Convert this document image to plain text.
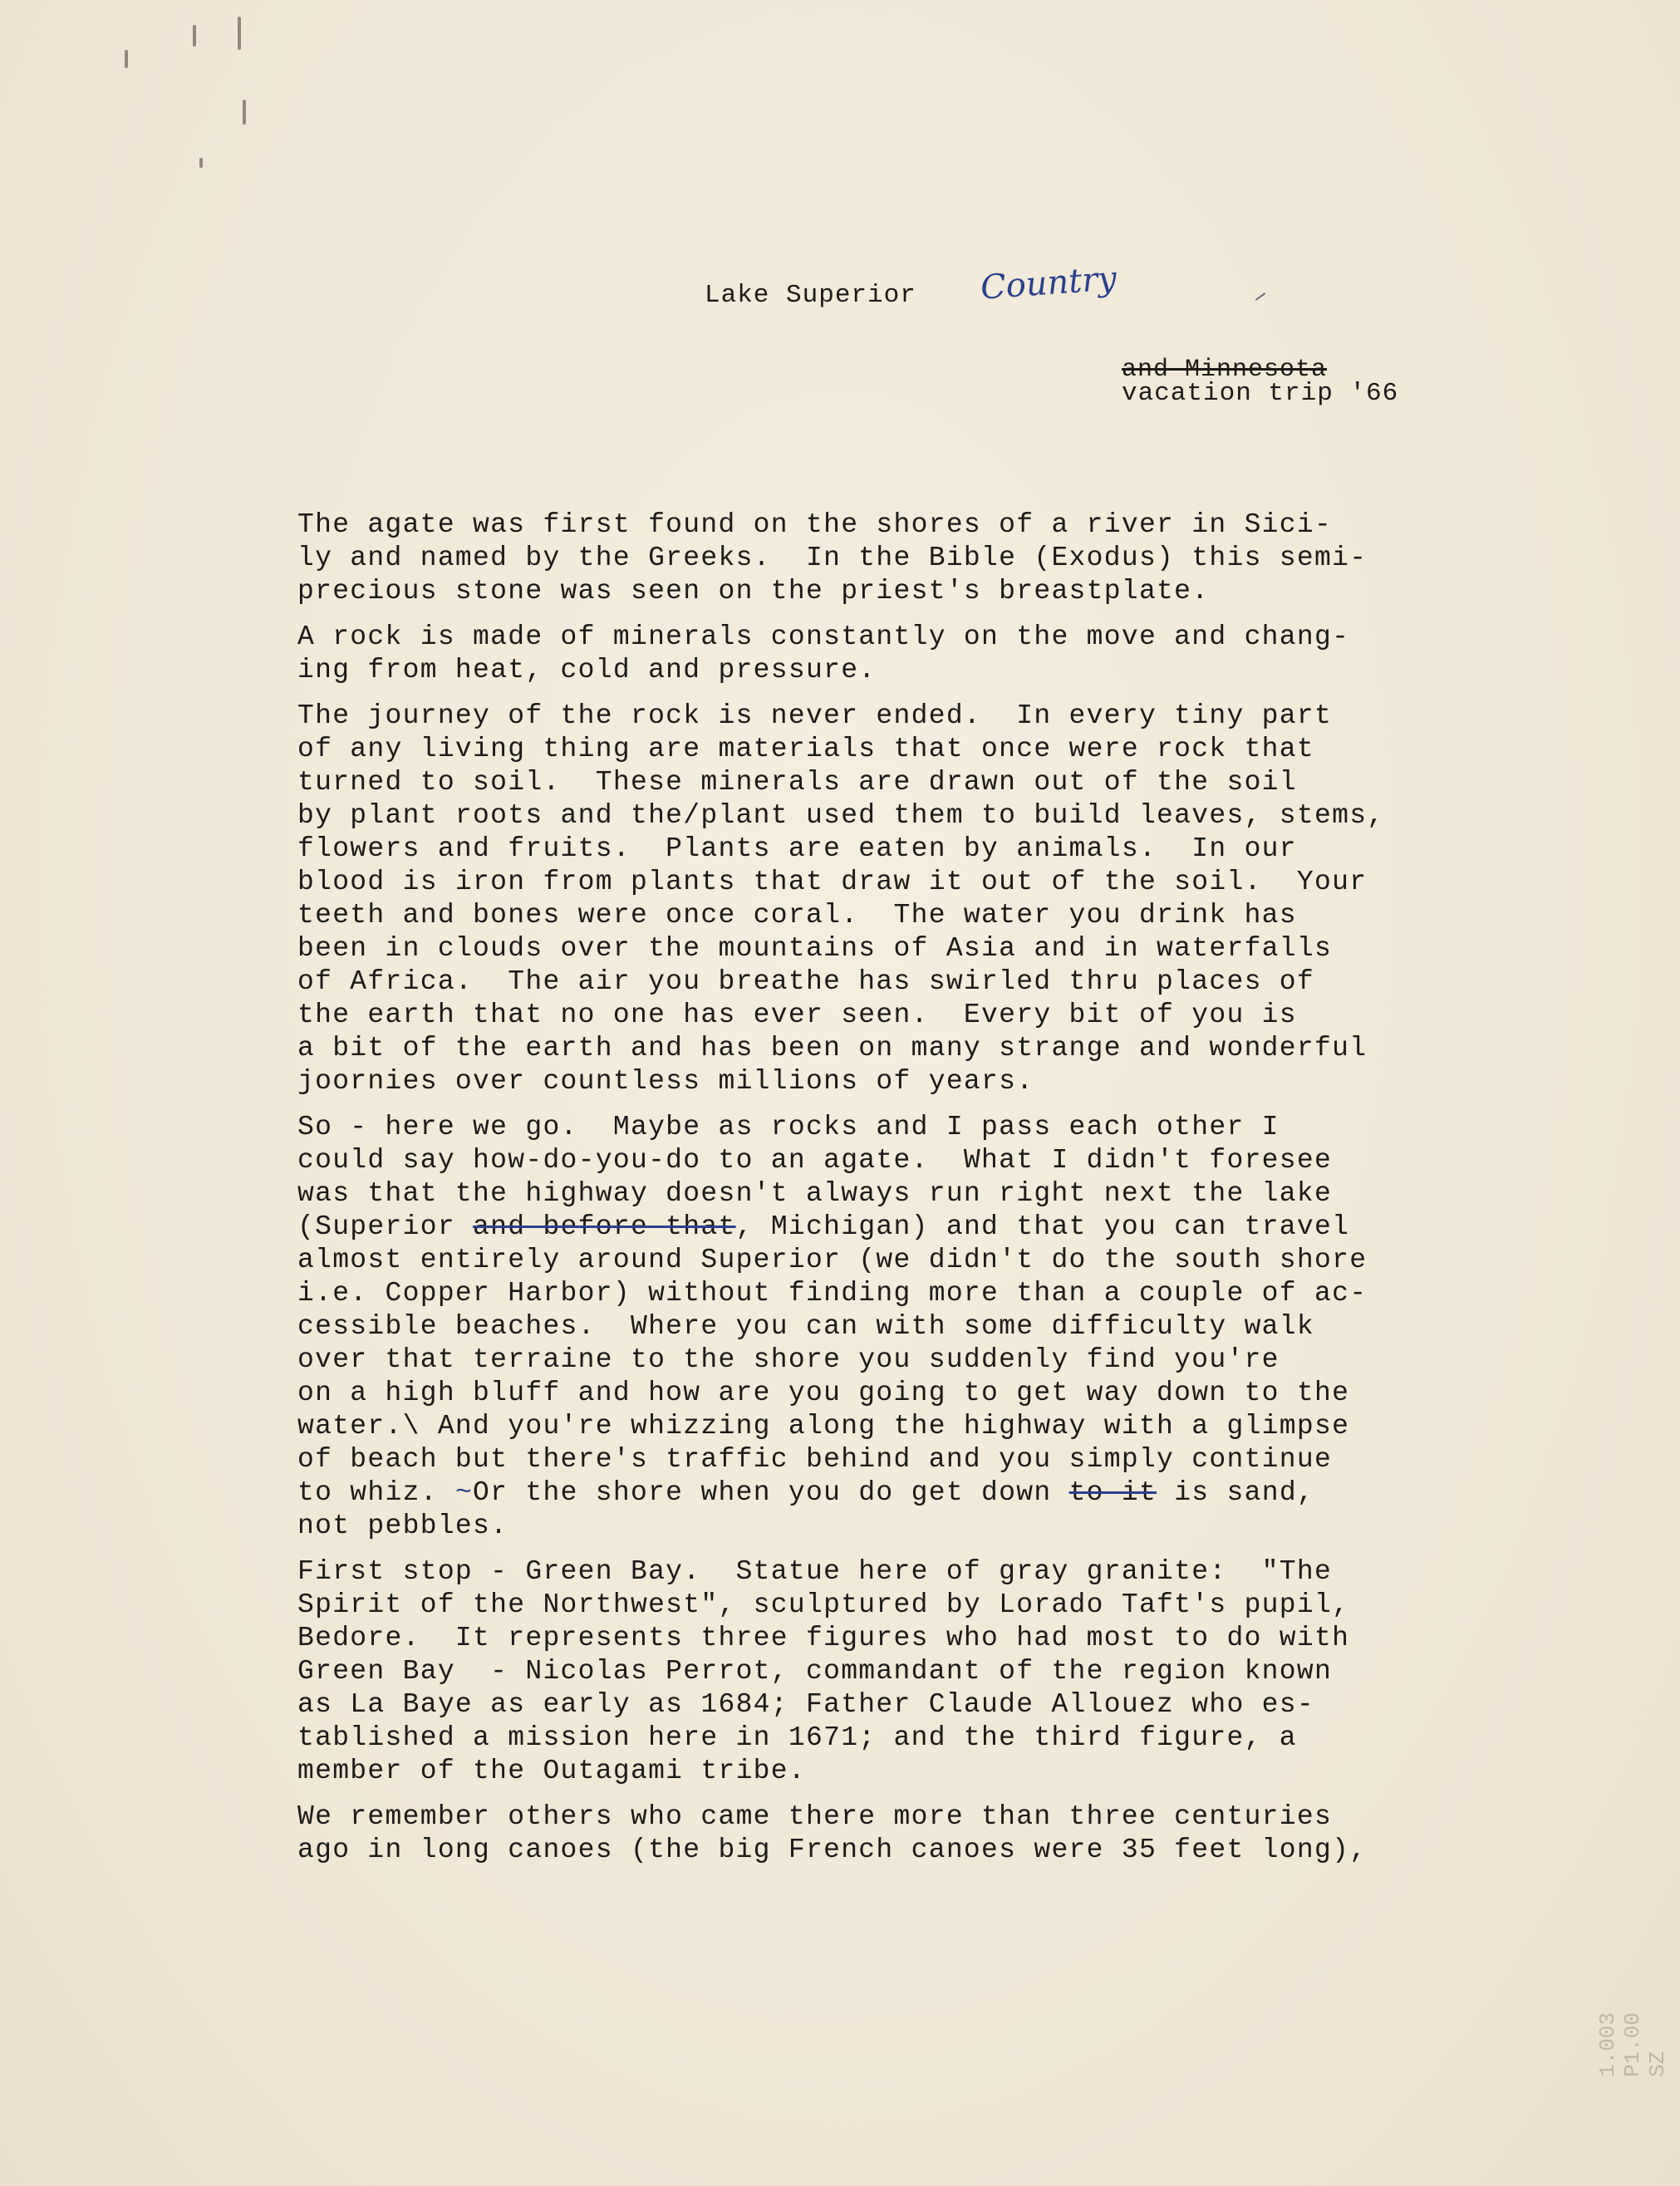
Lake Superior Country
and Minnesota
vacation trip '66
The agate was first found on the shores of a river in Sici-
ly and named by the Greeks.  In the Bible (Exodus) this semi-
precious stone was seen on the priest's breastplate.
A rock is made of minerals constantly on the move and chang-
ing from heat, cold and pressure.
The journey of the rock is never ended.  In every tiny part
of any living thing are materials that once were rock that
turned to soil.  These minerals are drawn out of the soil
by plant roots and the/plant used them to build leaves, stems,
flowers and fruits.  Plants are eaten by animals.  In our
blood is iron from plants that draw it out of the soil.  Your
teeth and bones were once coral.  The water you drink has
been in clouds over the mountains of Asia and in waterfalls
of Africa.  The air you breathe has swirled thru places of
the earth that no one has ever seen.  Every bit of you is
a bit of the earth and has been on many strange and wonderful
joornies over countless millions of years.
So - here we go.  Maybe as rocks and I pass each other I
could say how-do-you-do to an agate.  What I didn't foresee
was that the highway doesn't always run right next the lake
(Superior and before that, Michigan) and that you can travel
almost entirely around Superior (we didn't do the south shore
i.e. Copper Harbor) without finding more than a couple of ac-
cessible beaches.  Where you can with some difficulty walk
over that terraine to the shore you suddenly find you're
on a high bluff and how are you going to get way down to the
water.\ And you're whizzing along the highway with a glimpse
of beach but there's traffic behind and you simply continue
to whiz. ~Or the shore when you do get down to it is sand,
not pebbles.
First stop - Green Bay.  Statue here of gray granite:  "The
Spirit of the Northwest", sculptured by Lorado Taft's pupil,
Bedore.  It represents three figures who had most to do with
Green Bay  - Nicolas Perrot, commandant of the region known
as La Baye as early as 1684; Father Claude Allouez who es-
tablished a mission here in 1671; and the third figure, a
member of the Outagami tribe.
We remember others who came there more than three centuries
ago in long canoes (the big French canoes were 35 feet long),
1.003 P1.00 SZ
